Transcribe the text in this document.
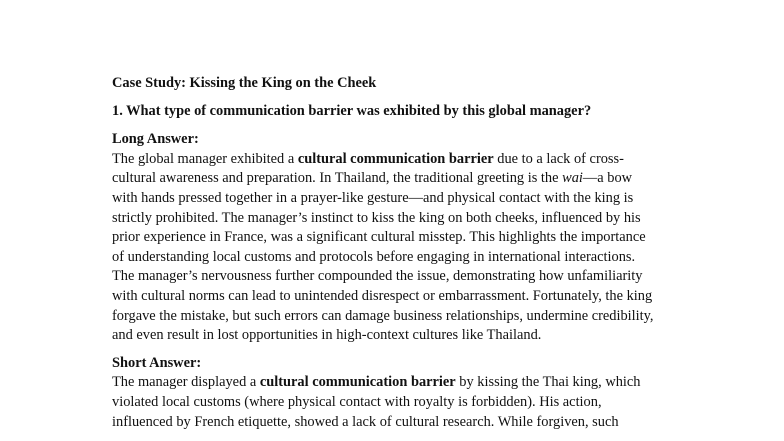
Case Study: Kissing the King on the Cheek

1. What type of communication barrier was exhibited by this global manager?

Long Answer:

The global manager exhibited a cultural communication barrier due to a lack of cross-
cultural awareness and preparation. In Thailand, the traditional greeting is the wai—a bow
with hands pressed together in a prayer-like gesture—and physical contact with the king is
strictly prohibited. The manager’s instinct to kiss the king on both cheeks, influenced by his
prior experience in France, was a significant cultural misstep. This highlights the importance
of understanding local customs and protocols before engaging in international interactions.
The manager’s nervousness further compounded the issue, demonstrating how unfamiliarity
with cultural norms can lead to unintended disrespect or embarrassment. Fortunately, the king
forgave the mistake, but such errors can damage business relationships, undermine credibility,
and even result in lost opportunities in high-context cultures like Thailand.

Short Answer:

The manager displayed a cultural communication barrier by kissing the Thai king, which
violated local customs (where physical contact with royalty is forbidden). His action,
influenced by French etiquette, showed a lack of cultural research. While forgiven, such
